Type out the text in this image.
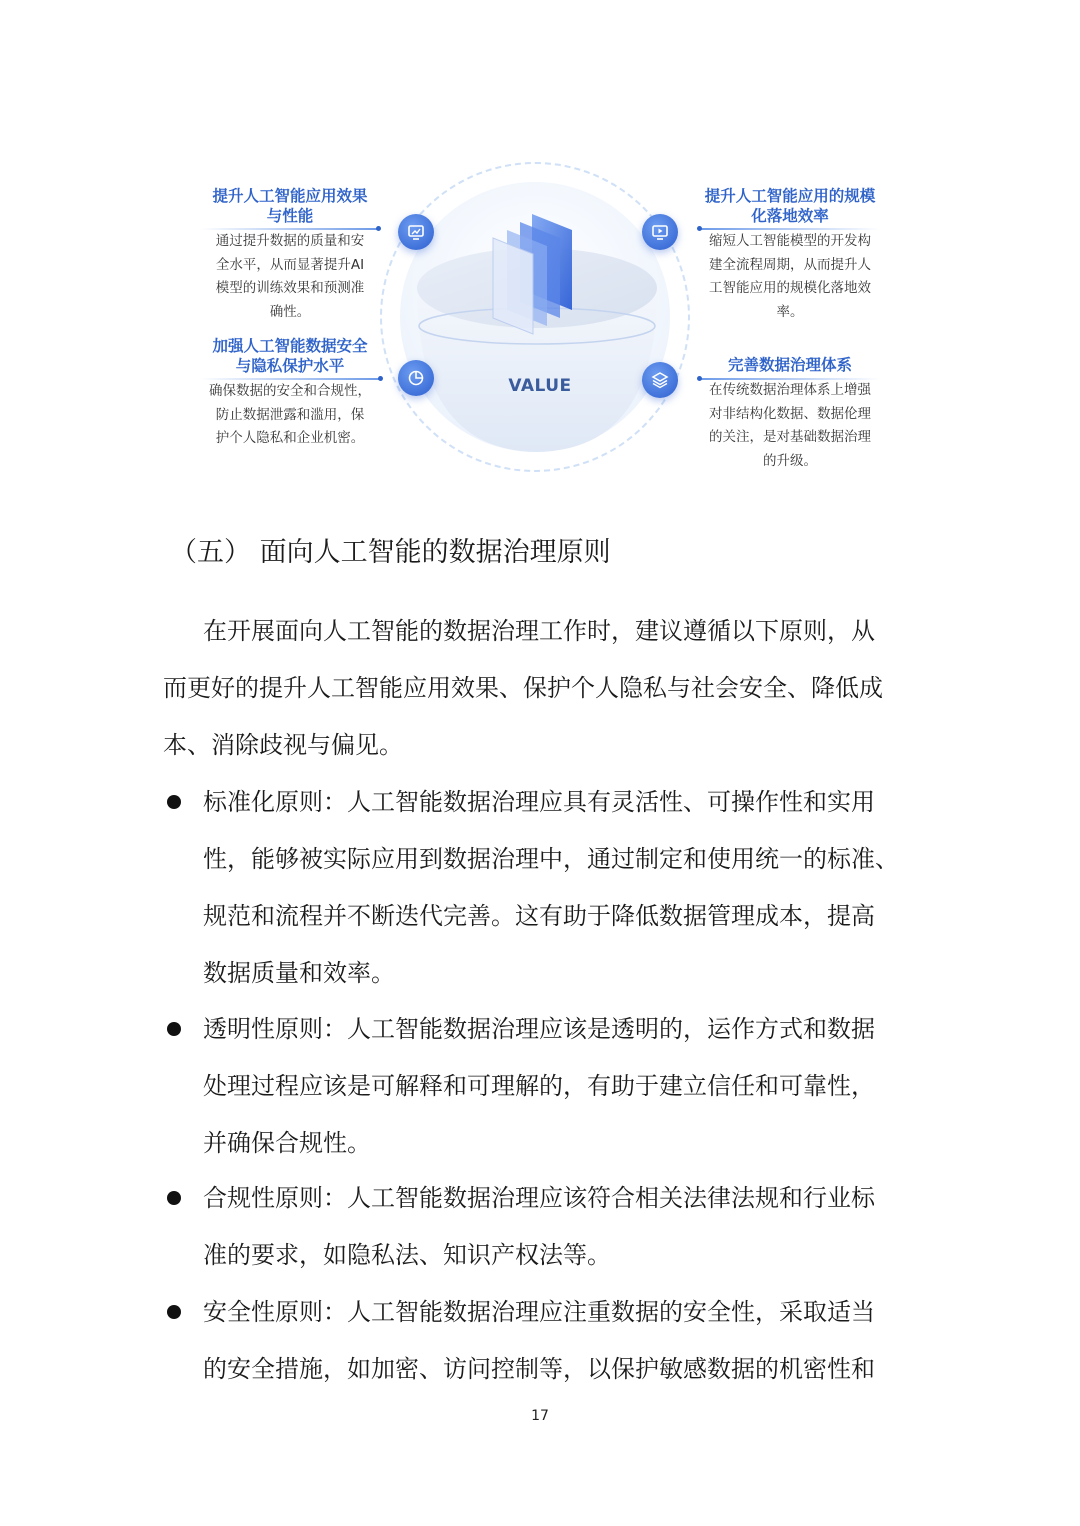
VALUE
提升人工智能应用效果
与性能
通过提升数据的质量和安
全水平，从而显著提升AI
模型的训练效果和预测准
确性。
加强人工智能数据安全
与隐私保护水平
确保数据的安全和合规性，
防止数据泄露和滥用，保
护个人隐私和企业机密。
提升人工智能应用的规模
化落地效率
缩短人工智能模型的开发构
建全流程周期，从而提升人
工智能应用的规模化落地效
率。
完善数据治理体系
在传统数据治理体系上增强
对非结构化数据、数据伦理
的关注，是对基础数据治理
的升级。
（五） 面向人工智能的数据治理原则
在开展面向人工智能的数据治理工作时，建议遵循以下原则，从
而更好的提升人工智能应用效果、保护个人隐私与社会安全、降低成
本、消除歧视与偏见。
标准化原则：人工智能数据治理应具有灵活性、可操作性和实用
性，能够被实际应用到数据治理中，通过制定和使用统一的标准、
规范和流程并不断迭代完善。这有助于降低数据管理成本，提高
数据质量和效率。
透明性原则：人工智能数据治理应该是透明的，运作方式和数据
处理过程应该是可解释和可理解的，有助于建立信任和可靠性，
并确保合规性。
合规性原则：人工智能数据治理应该符合相关法律法规和行业标
准的要求，如隐私法、知识产权法等。
安全性原则：人工智能数据治理应注重数据的安全性，采取适当
的安全措施，如加密、访问控制等，以保护敏感数据的机密性和
17
